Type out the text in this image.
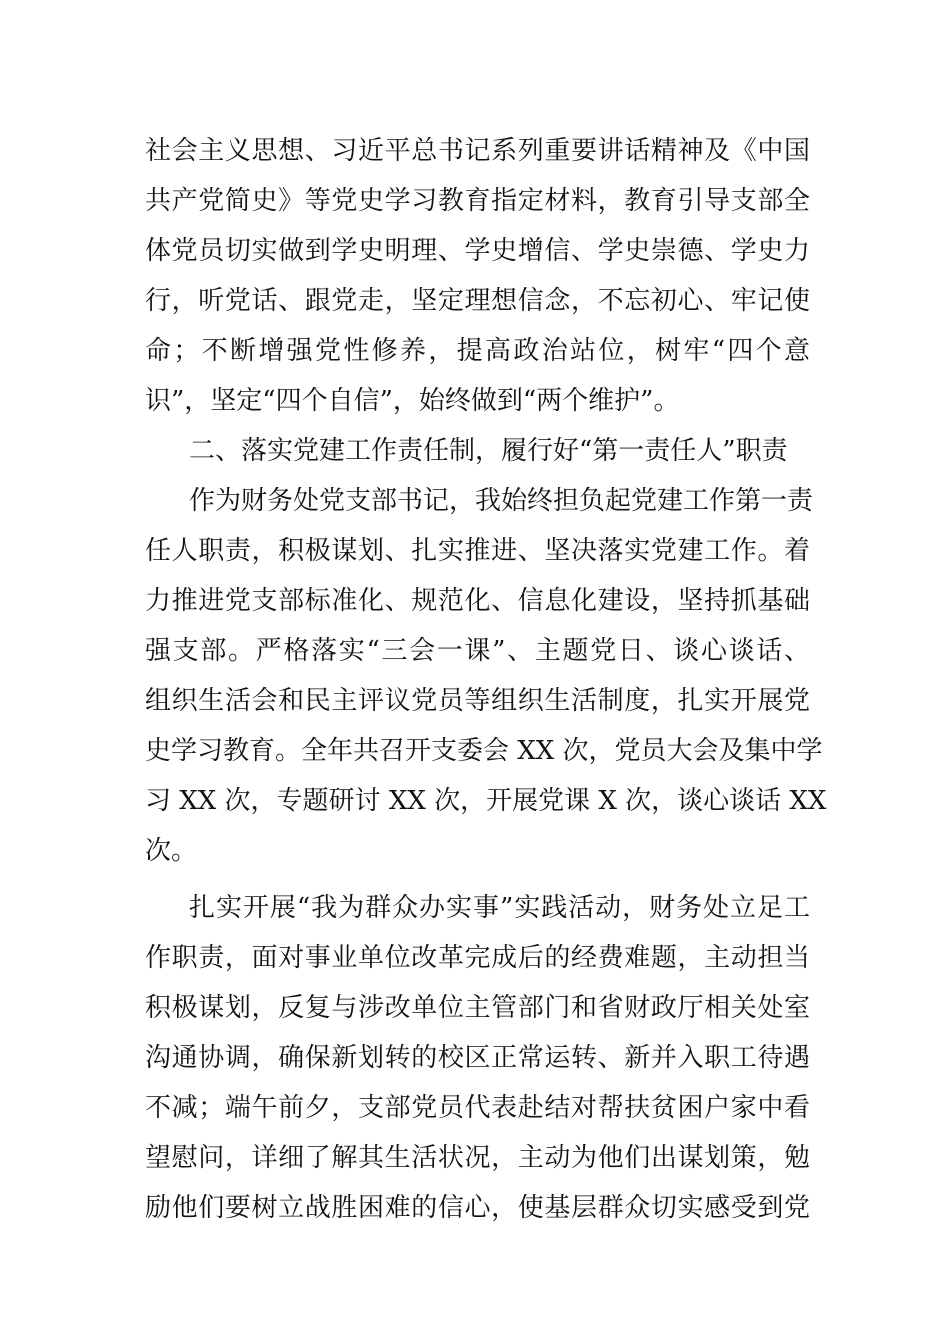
社会主义思想、习近平总书记系列重要讲话精神及《中国
共产党简史》等党史学习教育指定材料，教育引导支部全
体党员切实做到学史明理、学史增信、学史崇德、学史力
行，听党话、跟党走，坚定理想信念，不忘初心、牢记使
命；不断增强党性修养，提高政治站位，树牢“四个意
识”，坚定“四个自信”，始终做到“两个维护”。
二、落实党建工作责任制，履行好“第一责任人”职责
作为财务处党支部书记，我始终担负起党建工作第一责
任人职责，积极谋划、扎实推进、坚决落实党建工作。着
力推进党支部标准化、规范化、信息化建设，坚持抓基础
强支部。严格落实“三会一课”、主题党日、谈心谈话、
组织生活会和民主评议党员等组织生活制度，扎实开展党
史学习教育。全年共召开支委会 XX 次，党员大会及集中学
习 XX 次，专题研讨 XX 次，开展党课 X 次，谈心谈话 XX
次。
扎实开展“我为群众办实事”实践活动，财务处立足工
作职责，面对事业单位改革完成后的经费难题，主动担当
积极谋划，反复与涉改单位主管部门和省财政厅相关处室
沟通协调，确保新划转的校区正常运转、新并入职工待遇
不减；端午前夕，支部党员代表赴结对帮扶贫困户家中看
望慰问，详细了解其生活状况，主动为他们出谋划策，勉
励他们要树立战胜困难的信心，使基层群众切实感受到党
